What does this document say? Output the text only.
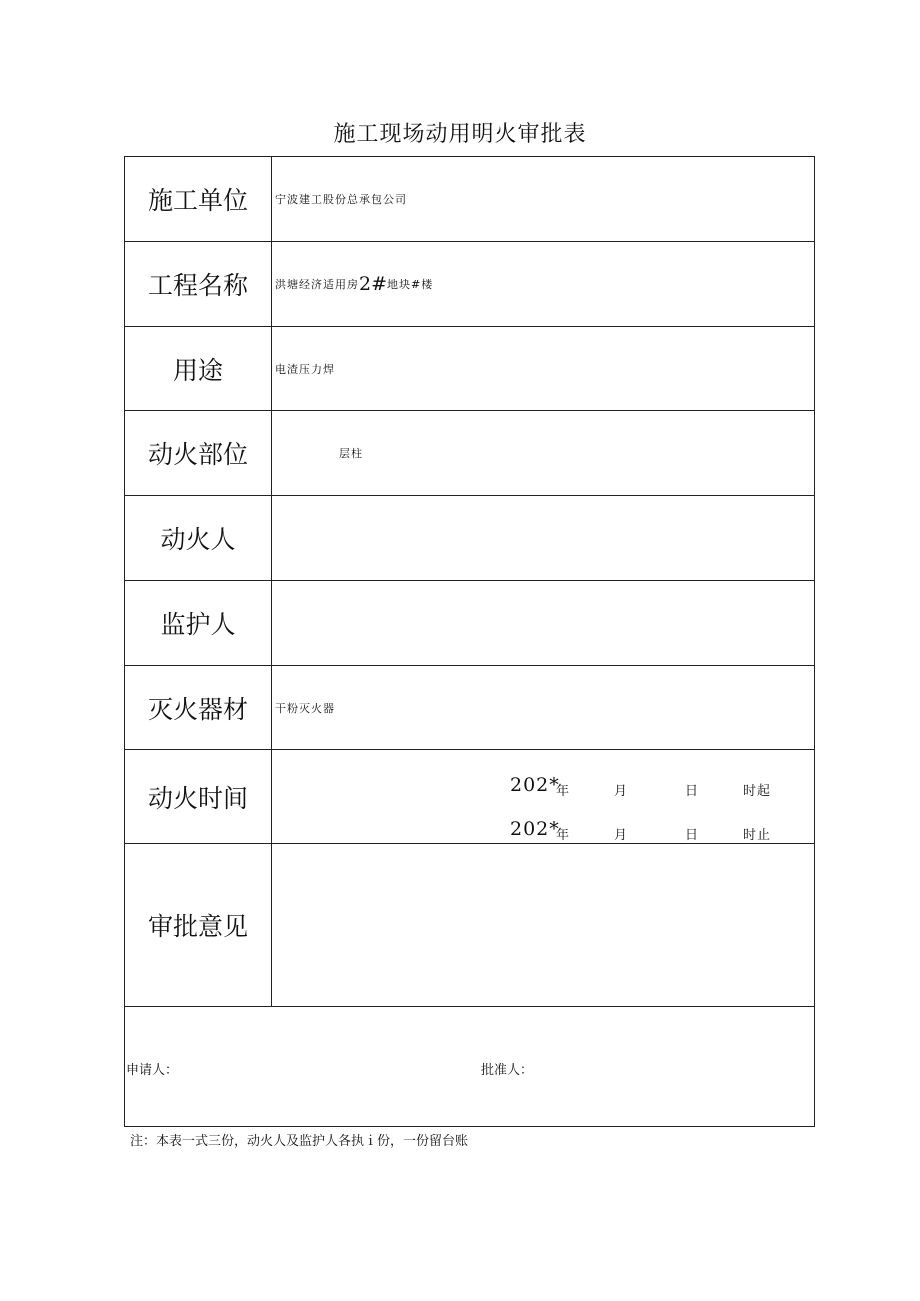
施工现场动用明火审批表
施工单位	宁波建工股份总承包公司
工程名称	洪塘经济适用房 2# 地块#楼
用途	电渣压力焊
动火部位	层柱
动火人
监护人
灭火器材	干粉灭火器
动火时间	202*
年	月	日	时起
202*
年	月	日	时止
审批意见
申请人：	批准人：
注：本表一式三份，动火人及监护人各执ｉ份，一份留台账
